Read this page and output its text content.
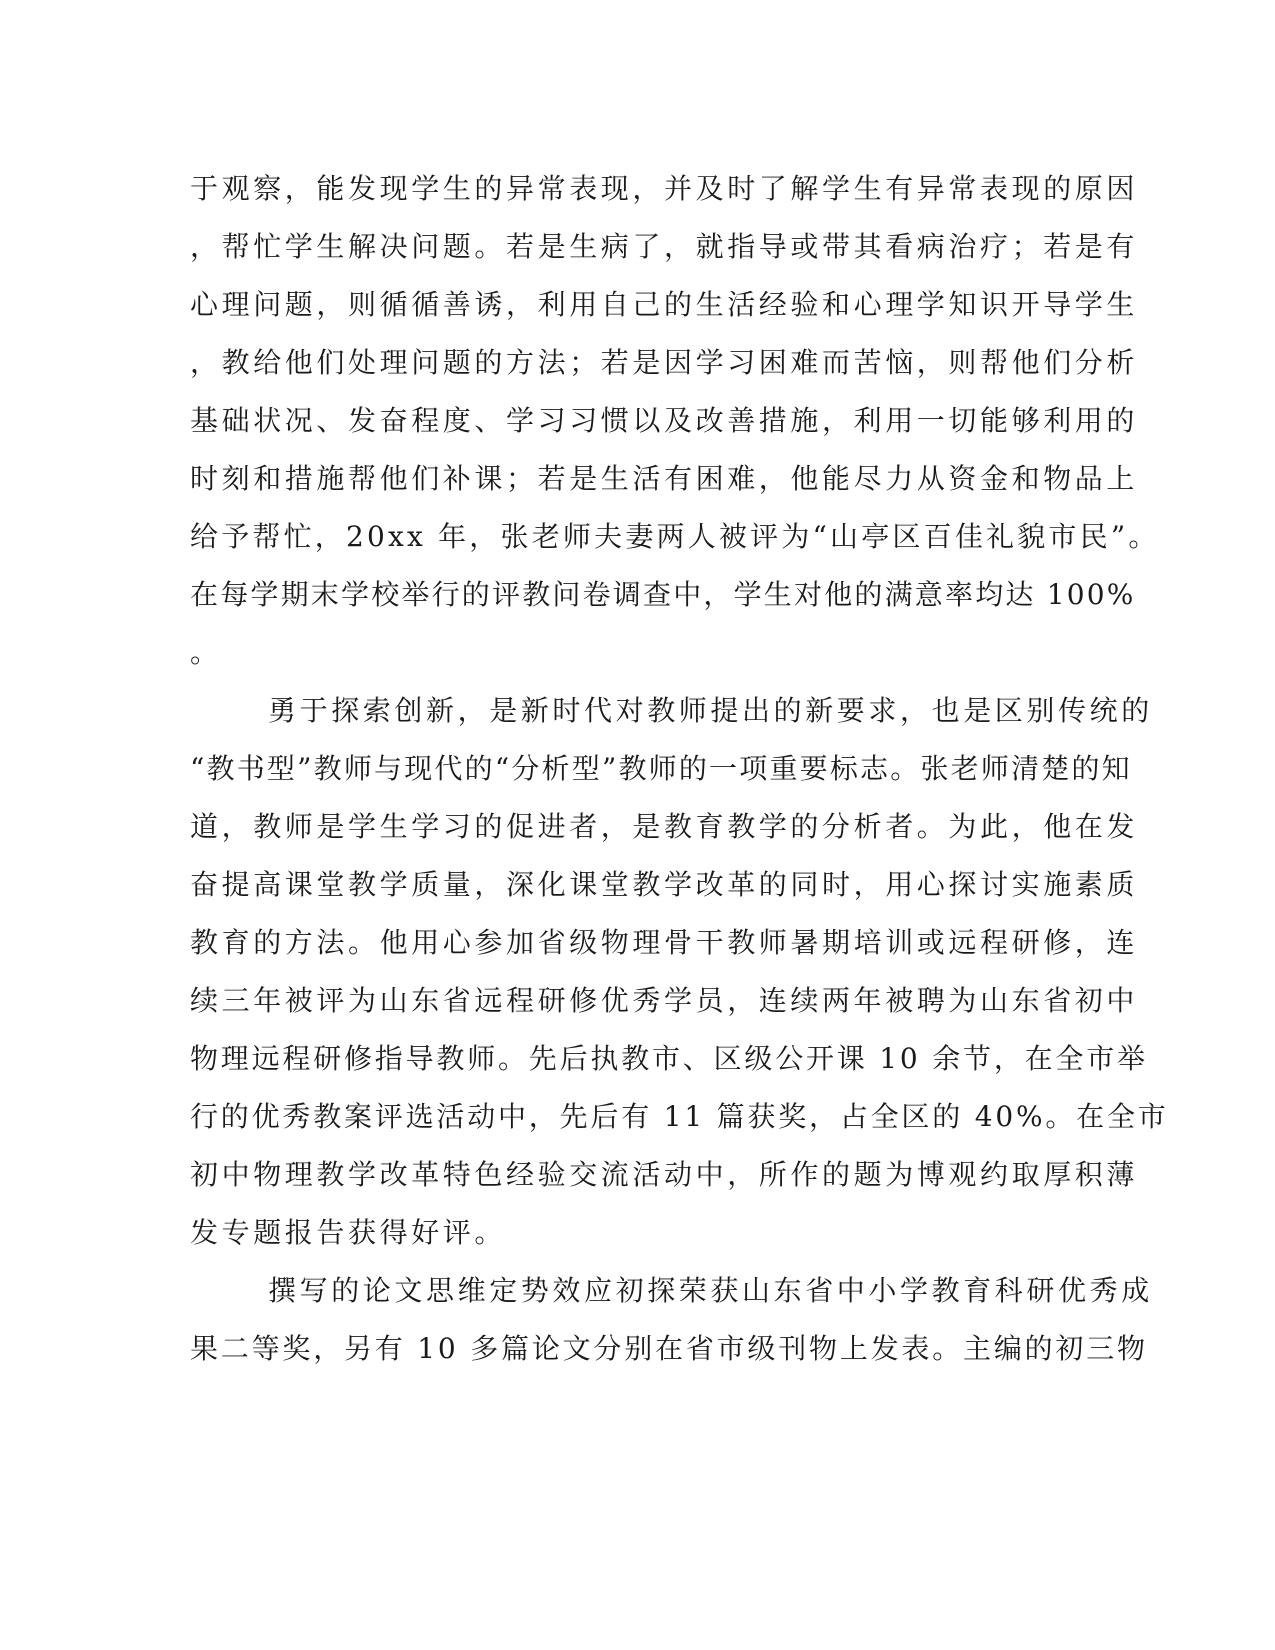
于观察，能发现学生的异常表现，并及时了解学生有异常表现的原因
，帮忙学生解决问题。若是生病了，就指导或带其看病治疗；若是有
心理问题，则循循善诱，利用自己的生活经验和心理学知识开导学生
，教给他们处理问题的方法；若是因学习困难而苦恼，则帮他们分析
基础状况、发奋程度、学习习惯以及改善措施，利用一切能够利用的
时刻和措施帮他们补课；若是生活有困难，他能尽力从资金和物品上
给予帮忙，20xx 年，张老师夫妻两人被评为“山亭区百佳礼貌市民”。
在每学期末学校举行的评教问卷调查中，学生对他的满意率均达 100%
。
勇于探索创新，是新时代对教师提出的新要求，也是区别传统的
“教书型”教师与现代的“分析型”教师的一项重要标志。张老师清楚的知
道，教师是学生学习的促进者，是教育教学的分析者。为此，他在发
奋提高课堂教学质量，深化课堂教学改革的同时，用心探讨实施素质
教育的方法。他用心参加省级物理骨干教师暑期培训或远程研修，连
续三年被评为山东省远程研修优秀学员，连续两年被聘为山东省初中
物理远程研修指导教师。先后执教市、区级公开课 10 余节，在全市举
行的优秀教案评选活动中，先后有 11 篇获奖，占全区的 40%。在全市
初中物理教学改革特色经验交流活动中，所作的题为博观约取厚积薄
发专题报告获得好评。
撰写的论文思维定势效应初探荣获山东省中小学教育科研优秀成
果二等奖，另有 10 多篇论文分别在省市级刊物上发表。主编的初三物
